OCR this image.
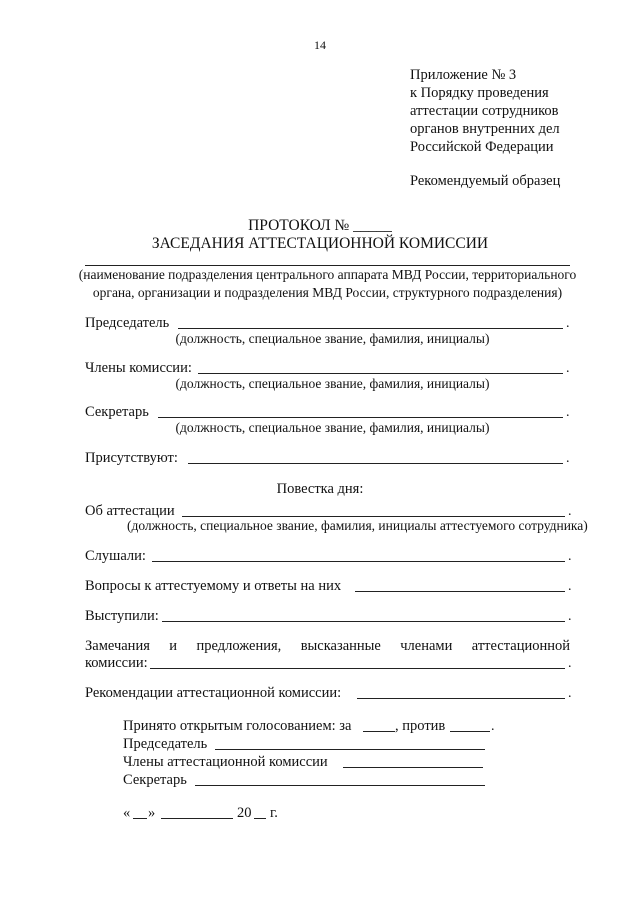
14
Приложение № 3
к Порядку проведения
аттестации сотрудников
органов внутренних дел
Российской Федерации
Рекомендуемый образец
ПРОТОКОЛ № _____
ЗАСЕДАНИЯ АТТЕСТАЦИОННОЙ КОМИССИИ
(наименование подразделения центрального аппарата МВД России, территориального
органа, организации и подразделения МВД России, структурного подразделения)
Председатель	.
(должность, специальное звание, фамилия, инициалы)
Члены комиссии:	.
(должность, специальное звание, фамилия, инициалы)
Секретарь	.
(должность, специальное звание, фамилия, инициалы)
Присутствуют:	.
Повестка дня:
Об аттестации	.
(должность, специальное звание, фамилия, инициалы аттестуемого сотрудника)
Слушали:	.
Вопросы к аттестуемому и ответы на них	.
Выступили:	.
Замечания и предложения, высказанные членами аттестационной
комиссии:	.
Рекомендации аттестационной комиссии:	.
Принято открытым голосованием: за	, против	.
Председатель
Члены аттестационной комиссии
Секретарь
« »	20 г.
